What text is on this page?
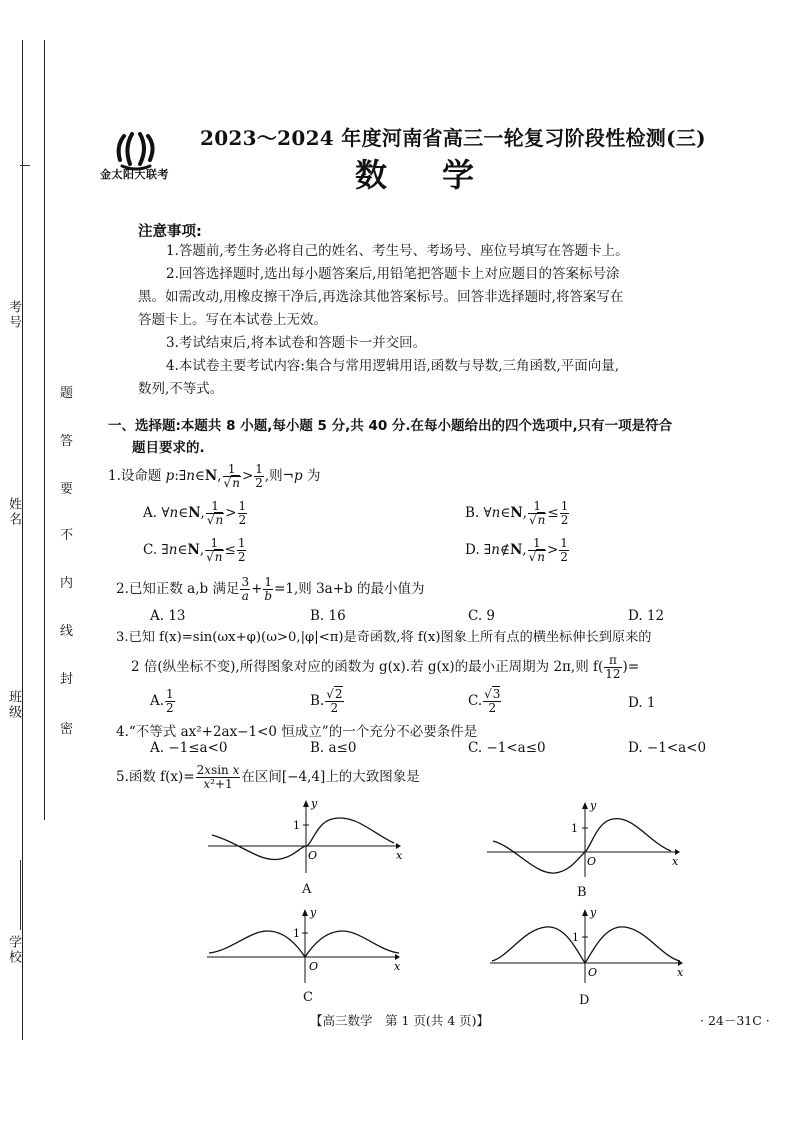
考号
姓名
班级
学校
密
封
线
内
不
要
答
题
金太阳大联考
2023～2024 年度河南省高三一轮复习阶段性检测(三)
数学
注意事项:
1.答题前,考生务必将自己的姓名、考生号、考场号、座位号填写在答题卡上。
2.回答选择题时,选出每小题答案后,用铅笔把答题卡上对应题目的答案标号涂
黑。如需改动,用橡皮擦干净后,再选涂其他答案标号。回答非选择题时,将答案写在
答题卡上。写在本试卷上无效。
3.考试结束后,将本试卷和答题卡一并交回。
4.本试卷主要考试内容:集合与常用逻辑用语,函数与导数,三角函数,平面向量,
数列,不等式。
一、选择题:本题共 8 小题,每小题 5 分,共 40 分.在每小题给出的四个选项中,只有一项是符合
题目要求的.
1.设命题 p:∃n∈N, $\frac{1}{√n} > \frac{1}{2}$ ,则¬p 为
A. ∀n∈N, $\frac{1}{√n} > \frac{1}{2}$	B. ∀n∈N, $\frac{1}{√n} \le \frac{1}{2}$
C. ∃n∈N, $\frac{1}{√n} \le \frac{1}{2}$	D. ∃n∉N, $\frac{1}{√n} > \frac{1}{2}$
2.已知正数 a,b 满足 $\frac{3}{a} + \frac{1}{b} =1$,则 3a+b 的最小值为
A. 13	B. 16	C. 9	D. 12
3.已知 f(x)=sin(ωx+φ)(ω>0,|φ|<π)是奇函数,将 f(x)图象上所有点的横坐标伸长到原来的
2 倍(纵坐标不变),所得图象对应的函数为 g(x).若 g(x)的最小正周期为 2π,则 $f( \frac{\pi}{12}$ )=
A. $\frac{1}{2}$	B. $\frac{√2}{2}$	C. $\frac{√3}{2}$	D. 1
4.“不等式 ax²+2ax−1<0 恒成立”的一个充分不必要条件是
A. −1≤a<0	B. a≤0	C. −1<a≤0	D. −1<a<0
5.函数 $f(x)= \frac{\text{2xsin x}}{\text{x²+1}}$ 在区间[−4,4]上的大致图象是
1
y
x
O
A
1
y
x
O
B
1
y
x
O
C
1
y
x
O
D
【高三数学　第 1 页(共 4 页)】	· 24－31C ·
